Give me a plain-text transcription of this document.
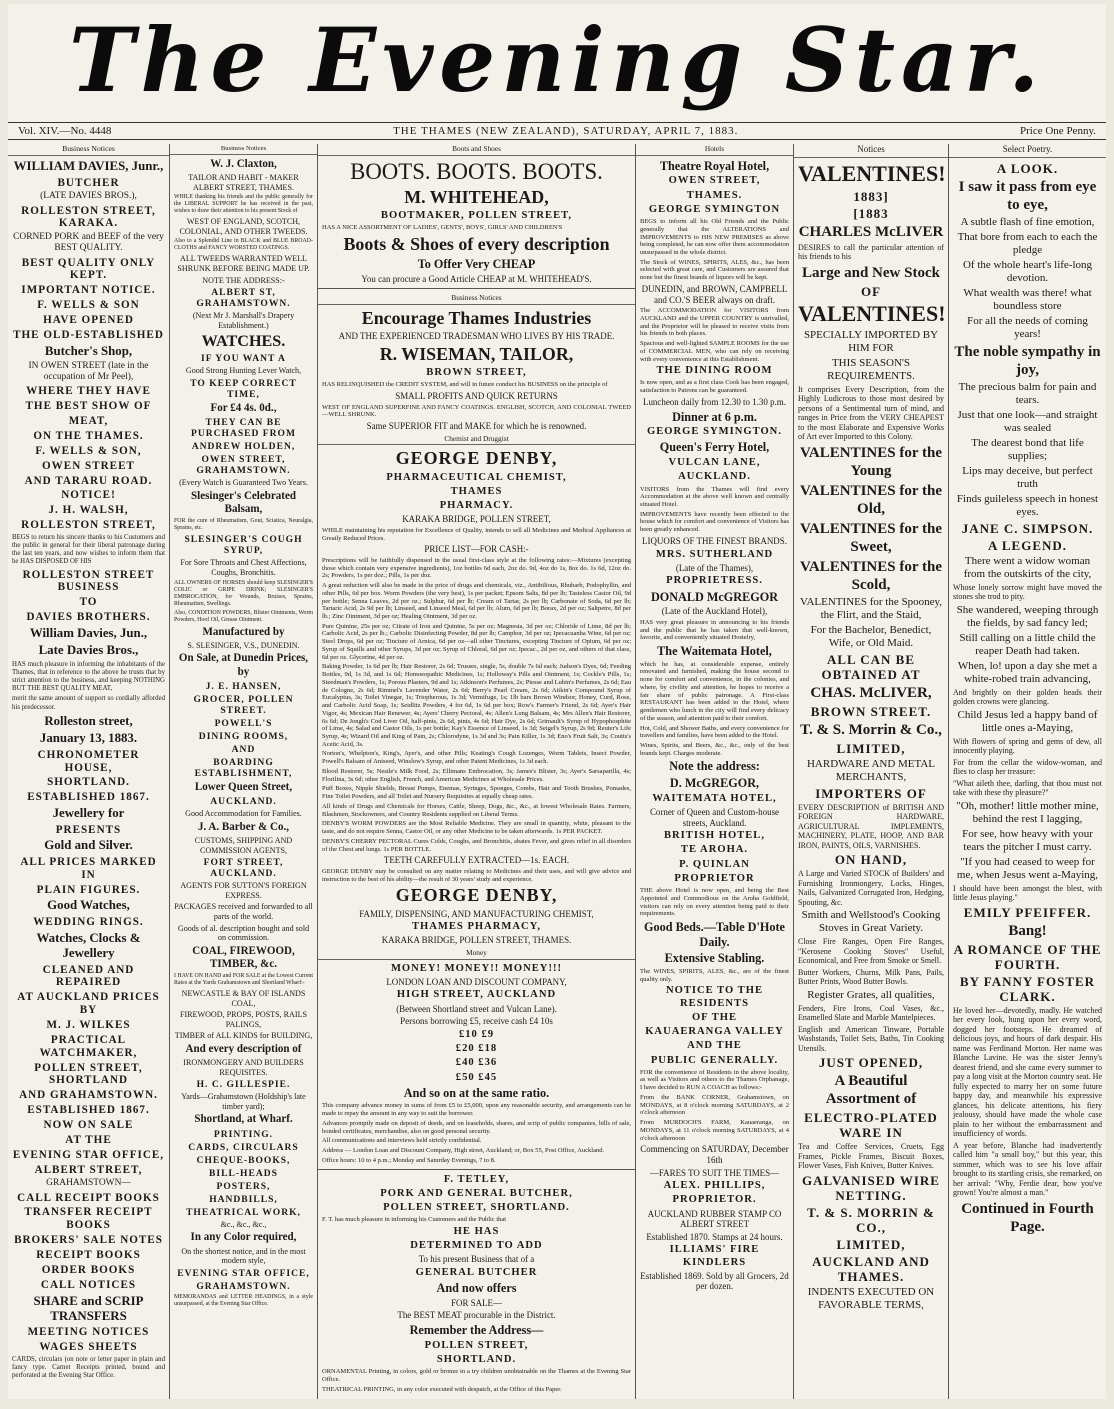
The Evening Star.
Vol. XIV.—No. 4448	THE THAMES (NEW ZEALAND), SATURDAY, APRIL 7, 1883.	Price One Penny.
Business Notices
WILLIAM DAVIES, Junr.,
BUTCHER
(LATE DAVIES BROS.),
ROLLESTON STREET, KARAKA.
CORNED PORK and BEEF of the very BEST QUALITY.
BEST QUALITY ONLY KEPT.
IMPORTANT NOTICE.
F. WELLS & SON
HAVE OPENED
THE OLD-ESTABLISHED
Butcher's Shop,
IN OWEN STREET (late in the occupation of Mr Peel),
WHERE THEY HAVE
THE BEST SHOW OF
MEAT,
ON THE THAMES.
F. WELLS & SON,
OWEN STREET
AND TARARU ROAD.
NOTICE!
J. H. WALSH,
ROLLESTON STREET,
BEGS to return his sincere thanks to his Customers and the public in general for their liberal patronage during the last ten years, and now wishes to inform them that he HAS DISPOSED OF HIS
ROLLESTON STREET BUSINESS
TO
DAVIES BROTHERS.
William Davies, Jun.,
Late Davies Bros.,
HAS much pleasure in informing the inhabitants of the Thames, that in reference to the above he trusts that by strict attention to the business, and keeping NOTHING BUT THE BEST QUALITY MEAT,
merit the same amount of support so cordially afforded his predecessor.
Rolleston street,
January 13, 1883.
CHRONOMETER HOUSE,
SHORTLAND.
ESTABLISHED 1867.
Jewellery for
PRESENTS
Gold and Silver.
ALL PRICES MARKED IN
PLAIN FIGURES.
Good Watches,
WEDDING RINGS.
Watches, Clocks & Jewellery
CLEANED AND REPAIRED
AT AUCKLAND PRICES BY
M. J. WILKES
PRACTICAL WATCHMAKER,
POLLEN STREET, SHORTLAND
AND GRAHAMSTOWN.
ESTABLISHED 1867.
NOW ON SALE
AT THE
EVENING STAR OFFICE,
ALBERT STREET,
GRAHAMSTOWN—
CALL RECEIPT BOOKS
TRANSFER RECEIPT BOOKS
BROKERS' SALE NOTES
RECEIPT BOOKS
ORDER BOOKS
CALL NOTICES
SHARE and SCRIP TRANSFERS
MEETING NOTICES
WAGES SHEETS
CARDS, circulars (on note or letter paper in plain and fancy type. Carnet Receipts printed, bound and perforated at the Evening Star Office.
Business Notices
W. J. Claxton,
TAILOR AND HABIT - MAKER ALBERT STREET, THAMES.
WHILE thanking his friends and the public generally for the LIBERAL SUPPORT he has received in the past, wishes to draw their attention to his present Stock of
WEST OF ENGLAND, SCOTCH, COLONIAL, AND OTHER TWEEDS.
Also to a Splendid Line in BLACK and BLUE BROAD-CLOTHS and FANCY WORSTED COATINGS.
ALL TWEEDS WARRANTED WELL SHRUNK BEFORE BEING MADE UP.
NOTE THE ADDRESS:-
ALBERT ST, GRAHAMSTOWN.
(Next Mr J. Marshall's Drapery Establishment.)
WATCHES.
IF YOU WANT A
Good Strong Hunting Lever Watch,
TO KEEP CORRECT TIME,
For £4 4s. 0d.,
THEY CAN BE PURCHASED FROM
ANDREW HOLDEN,
OWEN STREET, GRAHAMSTOWN.
(Every Watch is Guaranteed Two Years.
Slesinger's Celebrated Balsam,
FOR the cure of Rheumatism, Gout, Sciatica, Neuralgia, Sprains, etc.
SLESINGER'S COUGH SYRUP,
For Sore Throats and Chest Affections, Coughs, Bronchitis.
ALL OWNERS OF HORSES should keep SLESINGER'S COLIC or GRIPE DRINK; SLESINGER'S EMBROCATION, for Wounds, Bruises, Sprains, Rheumatism, Swellings.
Also, CONDITION POWDERS, Blister Ointments, Worm Powders, Hoof Oil, Grease Ointment.
Manufactured by
S. SLESINGER, V.S., DUNEDIN.
On Sale, at Dunedin Prices, by
J. E. HANSEN,
GROCER, POLLEN STREET.
POWELL'S
DINING ROOMS,
AND
BOARDING ESTABLISHMENT,
Lower Queen Street,
AUCKLAND.
Good Accommodation for Families.
J. A. Barber & Co.,
CUSTOMS, SHIPPING AND COMMISSION AGENTS,
FORT STREET, AUCKLAND.
AGENTS FOR SUTTON'S FOREIGN EXPRESS.
PACKAGES received and forwarded to all parts of the world.
Goods of al. description bought and sold on commission.
COAL, FIREWOOD, TIMBER, &c.
I HAVE ON HAND and FOR SALE at the Lowest Current Rates at the Yards Grahamstown and Shortland Wharf:-
NEWCASTLE & BAY OF ISLANDS COAL,
FIREWOOD, PROPS, POSTS, RAILS PALINGS,
TIMBER of ALL KINDS for BUILDING,
And every description of
IRONMONGERY AND BUILDERS REQUISITES.
H. C. GILLESPIE.
Yards—Grahamstown (Holdship's late timber yard);
Shortland, at Wharf.
PRINTING.
CARDS, CIRCULARS
CHEQUE-BOOKS,
BILL-HEADS
POSTERS,
HANDBILLS,
THEATRICAL WORK,
&c., &c., &c.,
In any Color required,
On the shortest notice, and in the most modern style,
EVENING STAR OFFICE,
GRAHAMSTOWN.
MEMORANDAS and LETTER HEADINGS, in a style unsurpassed, at the Evening Star Office.
Boots and Shoes
BOOTS. BOOTS. BOOTS.
M. WHITEHEAD,
BOOTMAKER, POLLEN STREET,
HAS A NICE ASSORTMENT OF LADIES', GENTS', BOYS', GIRLS' AND CHILDREN'S
Boots & Shoes of every description
To Offer Very CHEAP
You can procure a Good Article CHEAP at M. WHITEHEAD'S.
Business Notices
Encourage Thames Industries
AND THE EXPERIENCED TRADESMAN WHO LIVES BY HIS TRADE.
R. WISEMAN, TAILOR,
BROWN STREET,
HAS RELINQUISHED the CREDIT SYSTEM, and will in future conduct his BUSINESS on the principle of
SMALL PROFITS AND QUICK RETURNS
WEST OF ENGLAND SUPERFINE AND FANCY COATINGS. ENGLISH, SCOTCH, AND COLONIAL TWEED—WELL SHRUNK.
Same SUPERIOR FIT and MAKE for which he is renowned.
Chemist and Druggist
GEORGE DENBY,
PHARMACEUTICAL CHEMIST,
THAMES
PHARMACY.
KARAKA BRIDGE, POLLEN STREET,
WHILE maintaining his reputation for Excellence of Quality, intends to sell all Medicines and Medical Appliances at Greatly Reduced Prices.
PRICE LIST—FOR CASH:-
Prescriptions will be faithfully dispensed in the usual first-class style at the following rates:—Mixtures (excepting those which contain very expensive ingredients), 1oz bottles 6d each, 2oz do. 9d, 4oz do 1s, 8oz do. 1s 6d, 12oz do. 2s; Powders, 1s per doz.; Pills, 1s per doz.
A great reduction will also be made in the price of drugs and chemicals, viz., Antibilious, Rhubarb, Podophyllin, and other Pills, 6d per box. Worm Powders (the very best), 1s per packet; Epsom Salts, 8d per lb; Tasteless Castor Oil, 9d per bottle; Senna Leaves, 2d per oz.; Sulphur, 6d per lb; Cream of Tartar, 2s per lb; Carbonate of Soda, 6d per lb; Tartaric Acid, 2s 9d per lb; Linseed, and Linseed Meal, 6d per lb; Alum, 6d per lb; Borax, 2d per oz; Saltpetre, 8d per lb.; Zinc Ointment, 3d per oz; Healing Ointment, 3d per oz.
Pure Quinine, 25s per oz; Citrate of Iron and Quinine, 5s per oz; Magnesia, 3d per oz; Chloride of Lime, 8d per lb; Carbolic Acid, 2s per lb.; Carbolic Disinfecting Powder, 8d per lb; Camphor, 3d per oz; Ipecacuanha Wine, 6d per oz; Steel Drops, 6d per oz; Tincture of Arnica, 6d per oz—all other Tinctures, excepting Tincture of Opium, 6d per oz; Syrup of Squills and other Syrups, 3d per oz; Syrup of Chloral, 6d per oz; Ipecac., 2d per oz, and others of that class, 6d per oz. Glycerine, 4d per oz.
Baking Powder, 1s 6d per lb; Hair Restorer, 2s 6d; Trusses, single, 5s, double 7s 6d each; Judson's Dyes, 6d; Feeding Bottles, 9d, 1s 3d, and 1s 6d; Homoeopathic Medicines, 1s; Holloway's Pills and Ointment, 1s; Cockle's Pills, 1s; Steedman's Powders, 1s; Porous Plasters, 9d and 1s; Atkinson's Perfumes, 2s; Piesse and Lubin's Perfumes, 2s 6d; Eau de Cologne, 2s 6d; Rimmel's Lavender Water, 2s 6d; Berry's Pearl Cream, 2s 6d; Aitkin's Compound Syrup of Eucalyptus, 3s; Toilet Vinegar, 1s; Triopherous, 1s 3d; Vermifuge, 1s; 1lb bars Brown Windsor, Honey, Curd, Rose, and Carbolic Acid Soap, 1s; Seidlitz Powders, 4 for 6d, 1s 6d per box; Row's Farmer's Friend, 2s 6d; Ayer's Hair Vigor, 4s; Mexican Hair Renewer, 4s; Ayers' Cherry Pectoral, 4s; Allen's Lung Balsam, 4s; Mrs Allen's Hair Restorer, 6s 6d; De Jongh's Cod Liver Oil, half-pints, 2s 6d, pints, 4s 6d; Hair Dye, 2s 6d; Grimault's Syrup of Hypophosphite of Lime, 4s; Salad and Castor Oils, 1s per bottle; Kay's Essence of Linseed, 1s 3d; Seigel's Syrup, 2s 9d; Reuter's Life Syrup, 4s; Wizard Oil and King of Pain, 2s; Chlorodyne, 1s 3d and 3s; Pain Killer, 1s 3d; Eno's Fruit Salt, 3s; Coutts's Acetic Acid, 3s.
Norton's, Whelpton's, King's, Ayer's, and other Pills; Keating's Cough Lozenges, Worm Tablets, Insect Powder, Powell's Balsam of Aniseed, Winslow's Syrup, and other Patent Medicines, 1s 3d each.
Blood Restorer, 5s; Nestle's Milk Food, 2s; Ellimans Embrocation, 3s; James's Blister, 3s; Ayer's Sarsaparilla, 4s; Florilina, 3s 6d; other English, French, and American Medicines at Wholesale Prices.
Puff Boxes, Nipple Shields, Breast Pumps, Enemas, Syringes, Sponges, Combs, Hair and Tooth Brushes, Pomades, Fine Toilet Powders, and all Toilet and Nursery Requisites at equally cheap rates.
All kinds of Drugs and Chemicals for Horses, Cattle, Sheep, Dogs, &c., &c., at lowest Wholesale Rates. Farmers, Blashmen, Stockowners, and Country Residents supplied on Liberal Terms.
DENBY'S WORM POWDERS are the Most Reliable Medicine. They are small in quantity, white, pleasant to the taste, and do not require Senna, Castor Oil, or any other Medicine to be taken afterwards. 1s PER PACKET.
DENBY'S CHERRY PECTORAL Cures Colds, Coughs, and Bronchitis, abates Fever, and gives relief in all disorders of the Chest and lungs. 1s PER BOTTLE.
TEETH CAREFULLY EXTRACTED—1s. EACH.
GEORGE DENBY may be consulted on any matter relating to Medicines and their uses, and will give advice and instruction to the best of his ability—the result of 30 years' study and experience.
GEORGE DENBY,
FAMILY, DISPENSING, AND MANUFACTURING CHEMIST,
THAMES PHARMACY,
KARAKA BRIDGE, POLLEN STREET, THAMES.
Money
MONEY! MONEY!! MONEY!!!
LONDON LOAN AND DISCOUNT COMPANY,
HIGH STREET, AUCKLAND
(Between Shortland street and Vulcan Lane).
Persons borrowing £5, receive cash £4 10s
£10 £9
£20 £18
£40 £36
£50 £45
And so on at the same ratio.
This company advance money in sums of from £5 to £5,000, upon any reasonable security, and arrangements can be made to repay the amount in any way to suit the borrower.
Advances promptly made on deposit of deeds, and on leaseholds, shares, and scrip of public companies, bills of sale, bonded certificates, merchandise, also on good personal security.
All communications and interviews held strictly confidential.
Address — London Loan and Discount Company, High street, Auckland; or, Box 55, Post Office, Auckland.
Office hours: 10 to 4 p.m.; Monday and Saturday Evenings, 7 to 8.
F. TETLEY,
PORK AND GENERAL BUTCHER,
POLLEN STREET, SHORTLAND.
F. T. has much pleasure in informing his Customers and the Public that
HE HAS
DETERMINED TO ADD
To his present Business that of a
GENERAL BUTCHER
And now offers
FOR SALE—
The BEST MEAT procurable in the District.
Remember the Address—
POLLEN STREET,
SHORTLAND.
ORNAMENTAL Printing, in colors, gold or bronze in a try children unobtainable on the Thames at the Evening Star Office.
THEATRICAL PRINTING, in any color executed with despatch, at the Office of this Paper.
Hotels
Theatre Royal Hotel,
OWEN STREET,
THAMES.
GEORGE SYMINGTON
BEGS to inform all his Old Friends and the Public generally that the ALTERATIONS and IMPROVEMENTS to HIS NEW PREMISES as above being completed, he can now offer them accommodation unsurpassed in the whole district.
The Stock of WINES, SPIRITS, ALES, &c., has been selected with great care, and Customers are assured that none but the finest brands of liquors will be kept.
DUNEDIN, and BROWN, CAMPBELL and CO.'S BEER always on draft.
The ACCOMMODATION for VISITORS from AUCKLAND and the UPPER COUNTRY is unrivalled, and the Proprietor will be pleased to receive visits from his friends in both places.
Spacious and well-lighted SAMPLE ROOMS for the use of COMMERCIAL MEN, who can rely on receiving with every convenience at this Establishment.
THE DINING ROOM
Is now open, and as a first class Cook has been engaged, satisfaction to Patrons can be guaranteed.
Luncheon daily from 12.30 to 1.30 p.m.
Dinner at 6 p.m.
GEORGE SYMINGTON.
Queen's Ferry Hotel,
VULCAN LANE,
AUCKLAND.
VISITORS from the Thames will find every Accommodation at the above well known and centrally situated Hotel.
IMPROVEMENTS have recently been effected to the house which for comfort and convenience of Visitors has been greatly enhanced.
LIQUORS OF THE FINEST BRANDS.
MRS. SUTHERLAND
(Late of the Thames),
PROPRIETRESS.
DONALD McGREGOR
(Late of the Auckland Hotel),
HAS very great pleasure in announcing to his friends and the public that he has taken that well-known, favorite, and conveniently situated Hostelry,
The Waitemata Hotel,
which he has, at considerable expense, entirely renovated and furnished, making the house second to none for comfort and convenience, in the colonies, and where, by civility and attention, he hopes to receive a fair share of public patronage. A First-class RESTAURANT has been added to the Hotel, where gentlemen who lunch in the city will find every delicacy of the season, and attention paid to their comfort.
Hot, Cold, and Shower Baths, and every convenience for travellers and families, have been added to the Hotel.
Wines, Spirits, and Beers, &c., &c., only of the best brands kept. Charges moderate.
Note the address:
D. McGREGOR,
WAITEMATA HOTEL,
Corner of Queen and Custom-house streets, Auckland.
BRITISH HOTEL,
TE AROHA.
P. QUINLAN
PROPRIETOR
THE above Hotel is now open, and being the Best Appointed and Commodious on the Aroha Goldfield, visitors can rely on every attention being paid to their requirements.
Good Beds.—Table D'Hote Daily.
Extensive Stabling.
The WINES, SPIRITS, ALES, &c., are of the finest quality only.
NOTICE TO THE RESIDENTS
OF THE
KAUAERANGA VALLEY
AND THE
PUBLIC GENERALLY.
FOR the convenience of Residents in the above locality, as well as Visitors and others to the Thames Orphanage, I have decided to RUN A COACH as follows:-
From the BANK CORNER, Grahamstown, on MONDAYS, at 8 o'clock morning SATURDAYS, at 2 o'clock afternoon
From MURDOCH'S FARM, Kauaeranga, on MONDAYS, at 11 o'clock morning SATURDAYS, at 4 o'clock afternoon
Commencing on SATURDAY, December 16th
—FARES TO SUIT THE TIMES—
ALEX. PHILLIPS,
PROPRIETOR.
AUCKLAND RUBBER STAMP CO ALBERT STREET
Established 1870. Stamps at 24 hours.
ILLIAMS' FIRE KINDLERS
Established 1869. Sold by all Grocers, 2d per dozen.
Notices
VALENTINES!
1883]
[1883
CHARLES McLIVER
DESIRES to call the particular attention of his friends to his
Large and New Stock
OF
VALENTINES!
SPECIALLY IMPORTED BY HIM FOR
THIS SEASON'S REQUIREMENTS.
It comprises Every Description, from the Highly Ludicrous to those most desired by persons of a Sentimental turn of mind, and ranges in Price from the VERY CHEAPEST to the most Elaborate and Expensive Works of Art ever Imported to this Colony.
VALENTINES for the Young
VALENTINES for the Old,
VALENTINES for the Sweet,
VALENTINES for the Scold,
VALENTINES for the Spooney, the Flirt, and the Staid,
For the Bachelor, Benedict, Wife, or Old Maid.
ALL CAN BE OBTAINED AT
CHAS. McLIVER,
BROWN STREET.
T. & S. Morrin & Co.,
LIMITED,
HARDWARE AND METAL MERCHANTS,
IMPORTERS OF
EVERY DESCRIPTION of BRITISH AND FOREIGN HARDWARE, AGRICULTURAL IMPLEMENTS, MACHINERY, PLATE, HOOP, AND BAR IRON, PAINTS, OILS, VARNISHES.
ON HAND,
A Large and Varied STOCK of Builders' and Furnishing Ironmongery, Locks, Hinges, Nails, Galvanized Corrugated Iron, Hedging, Spouting, &c.
Smith and Wellstood's Cooking Stoves in Great Variety.
Close Fire Ranges, Open Fire Ranges, "Kerosene Cooking Stoves" Useful, Economical, and Free from Smoke or Smell.
Butter Workers, Churns, Milk Pans, Pails, Butter Prints, Wood Butter Bowls.
Register Grates, all qualities,
Fenders, Fire Irons, Coal Vases, &c., Enamelled Slate and Marble Mantelpieces.
English and American Tinware, Portable Washstands, Toilet Sets, Baths, Tin Cooking Utensils.
JUST OPENED,
A Beautiful Assortment of
ELECTRO-PLATED WARE IN
Tea and Coffee Services, Cruets, Egg Frames, Pickle Frames, Biscuit Boxes, Flower Vases, Fish Knives, Butter Knives.
GALVANISED WIRE NETTING.
T. & S. MORRIN & CO.,
LIMITED,
AUCKLAND AND THAMES.
INDENTS EXECUTED ON FAVORABLE TERMS,
Select Poetry.
A LOOK.
I saw it pass from eye to eye,
A subtle flash of fine emotion,
That bore from each to each the pledge
Of the whole heart's life-long devotion.
What wealth was there! what boundless store
For all the needs of coming years!
The noble sympathy in joy,
The precious balm for pain and tears.
Just that one look—and straight was sealed
The dearest bond that life supplies;
Lips may deceive, but perfect truth
Finds guileless speech in honest eyes.
JANE C. SIMPSON.
A LEGEND.
There went a widow woman from the outskirts of the city,
Whose lonely sorrow might have moved the stones she trod to pity.
She wandered, weeping through the fields, by sad fancy led;
Still calling on a little child the reaper Death had taken.
When, lo! upon a day she met a white-robed train advancing,
And brightly on their golden heads their golden crowns were glancing.
Child Jesus led a happy band of little ones a-Maying,
With flowers of spring and gems of dew, all innocently playing.
For from the cellar the widow-woman, and flies to clasp her treasure:
"What aileth thee, darling, that thou must not take with these thy pleasure?"
"Oh, mother! little mother mine, behind the rest I lagging,
For see, how heavy with your tears the pitcher I must carry.
"If you had ceased to weep for me, when Jesus went a-Maying,
I should have been amongst the blest, with little Jesus playing."
EMILY PFEIFFER.
Bang!
A ROMANCE OF THE FOURTH.
BY FANNY FOSTER CLARK.
He loved her—devotedly, madly. He watched her every look, hung upon her every word, dogged her footsteps. He dreamed of delicious joys, and hours of dark despair. His name was Ferdinand Morton. Her name was Blanche Lavine. He was the sister Jenny's dearest friend, and she came every summer to pay a long visit at the Morton country seat. He fully expected to marry her on some future happy day, and meanwhile his expressive glances, his delicate attentions, his fiery jealousy, should have made the whole case plain to her without the embarrassment and insufficiency of words.
A year before, Blanche had inadvertently called him "a small boy," but this year, this summer, which was to see his love affair brought to its startling crisis, she remarked, on her arrival: "Why, Ferdie dear, how you've grown! You're almost a man."
Continued in Fourth Page.
